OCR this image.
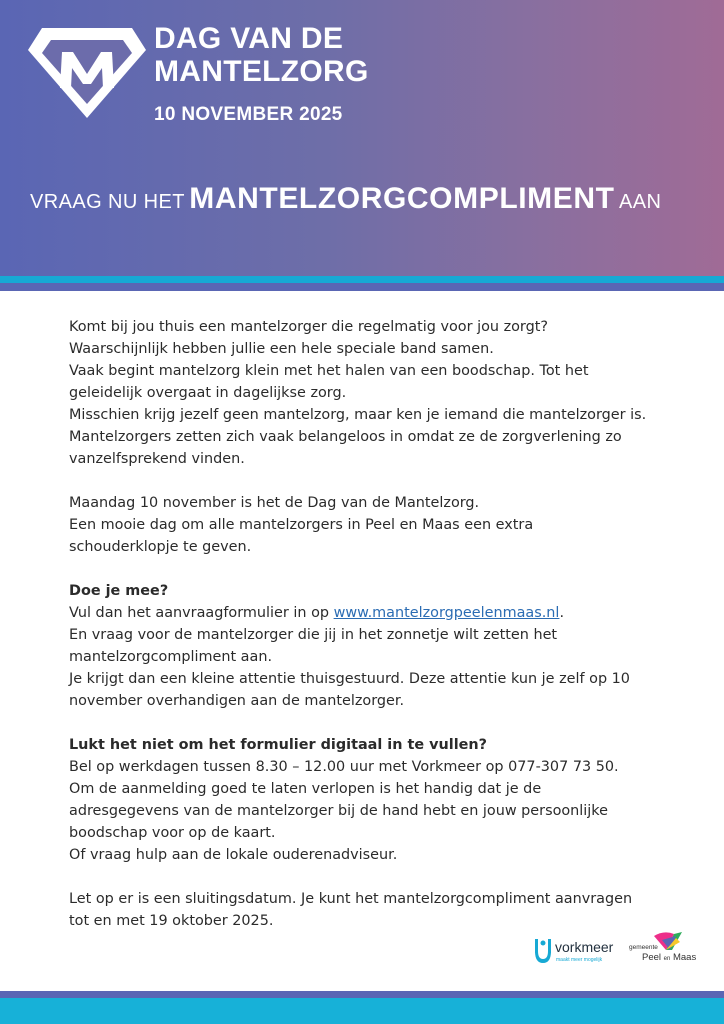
DAG VAN DE
MANTELZORG
10 NOVEMBER 2025
VRAAG NU HET MANTELZORGCOMPLIMENT AAN

Komt bij jou thuis een mantelzorger die regelmatig voor jou zorgt?
Waarschijnlijk hebben jullie een hele speciale band samen.
Vaak begint mantelzorg klein met het halen van een boodschap. Tot het
geleidelijk overgaat in dagelijkse zorg.
Misschien krijg jezelf geen mantelzorg, maar ken je iemand die mantelzorger is.
Mantelzorgers zetten zich vaak belangeloos in omdat ze de zorgverlening zo
vanzelfsprekend vinden.

Maandag 10 november is het de Dag van de Mantelzorg.
Een mooie dag om alle mantelzorgers in Peel en Maas een extra
schouderklopje te geven.

Doe je mee?
Vul dan het aanvraagformulier in op www.mantelzorgpeelenmaas.nl.
En vraag voor de mantelzorger die jij in het zonnetje wilt zetten het
mantelzorgcompliment aan.
Je krijgt dan een kleine attentie thuisgestuurd. Deze attentie kun je zelf op 10
november overhandigen aan de mantelzorger.

Lukt het niet om het formulier digitaal in te vullen?
Bel op werkdagen tussen 8.30 – 12.00 uur met Vorkmeer op 077-307 73 50.
Om de aanmelding goed te laten verlopen is het handig dat je de
adresgegevens van de mantelzorger bij de hand hebt en jouw persoonlijke
boodschap voor op de kaart.
Of vraag hulp aan de lokale ouderenadviseur.

Let op er is een sluitingsdatum. Je kunt het mantelzorgcompliment aanvragen
tot en met 19 oktober 2025.

vorkmeer
maakt meer mogelijk
gemeente
Peel en Maas
